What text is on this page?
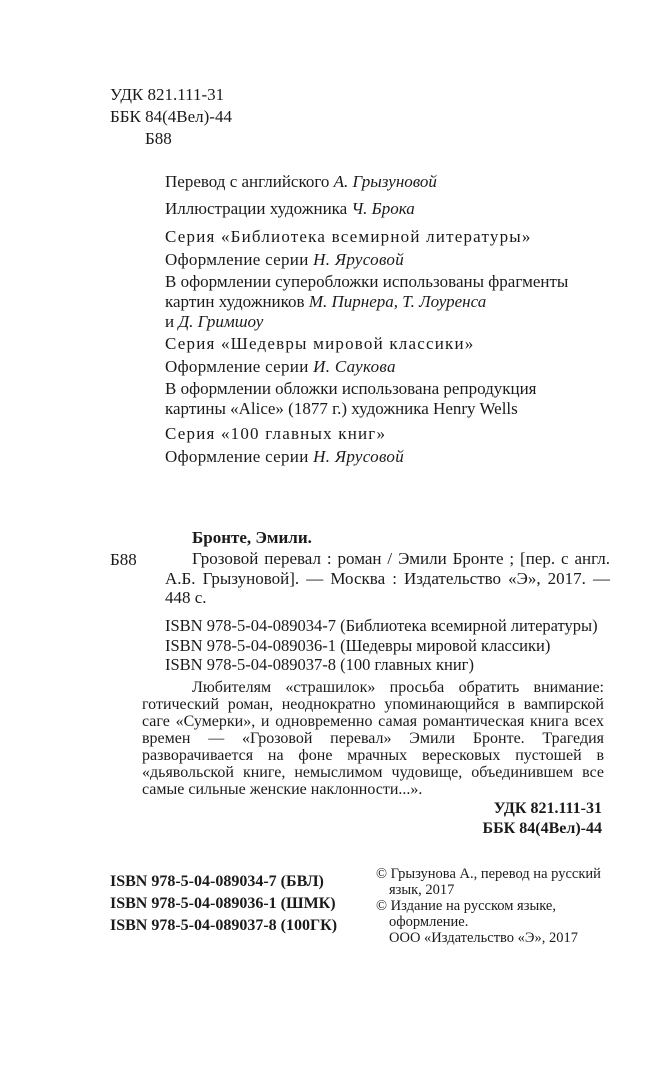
УДК 821.111-31
ББК 84(4Вел)-44
Б88
Перевод с английского А. Грызуновой
Иллюстрации художника Ч. Брока
Серия «Библиотека всемирной литературы»
Оформление серии Н. Ярусовой
В оформлении суперобложки использованы фрагменты
картин художников М. Пирнера, Т. Лоуренса
и Д. Гримшоу
Серия «Шедевры мировой классики»
Оформление серии И. Саукова
В оформлении обложки использована репродукция
картины «Alice» (1877 г.) художника Henry Wells
Серия «100 главных книг»
Оформление серии Н. Ярусовой
Бронте, Эмили.
Б88	Грозовой перевал : роман / Эмили Бронте ; [пер. с англ. А.Б. Грызуновой]. — Москва : Издательство «Э», 2017. — 448 с.
ISBN 978-5-04-089034-7 (Библиотека всемирной литературы)
ISBN 978-5-04-089036-1 (Шедевры мировой классики)
ISBN 978-5-04-089037-8 (100 главных книг)
Любителям «страшилок» просьба обратить внимание: готический роман, неоднократно упоминающийся в вампирской саге «Сумерки», и одновременно самая романтическая книга всех времен — «Грозовой перевал» Эмили Бронте. Трагедия разворачивается на фоне мрачных вересковых пустошей в «дьявольской книге, немыслимом чудовище, объединившем все самые сильные женские наклонности...».
УДК 821.111-31
ББК 84(4Вел)-44
ISBN 978-5-04-089034-7 (БВЛ)
ISBN 978-5-04-089036-1 (ШМК)
ISBN 978-5-04-089037-8 (100ГК)
© Грызунова А., перевод на русский
язык, 2017
© Издание на русском языке,
оформление.
ООО «Издательство «Э», 2017
